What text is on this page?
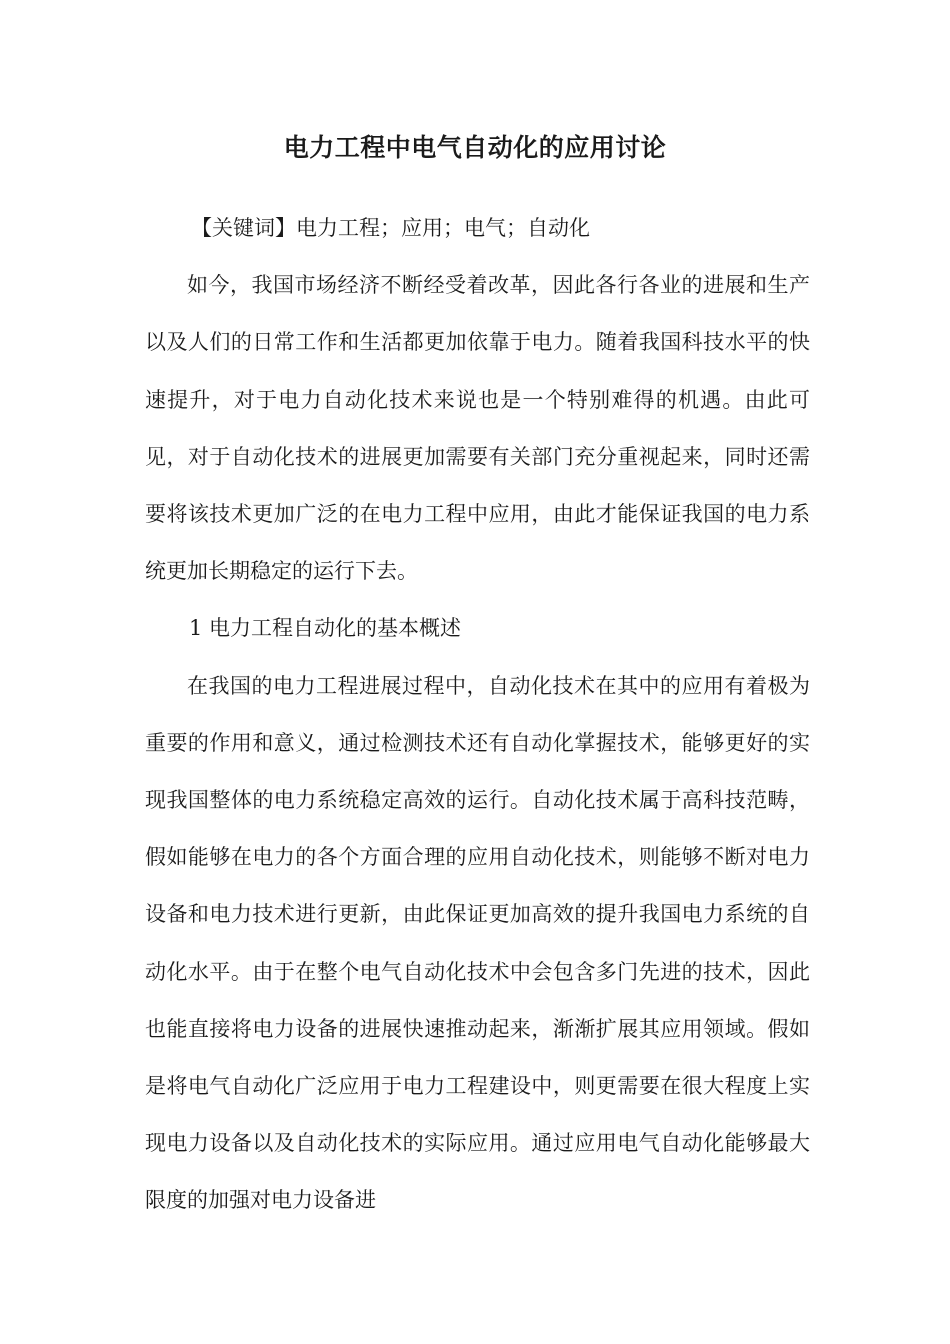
电力工程中电气自动化的应用讨论

【关键词】电力工程；应用；电气；自动化

如今，我国市场经济不断经受着改革，因此各行各业的进展和生产以及人们的日常工作和生活都更加依靠于电力。随着我国科技水平的快速提升，对于电力自动化技术来说也是一个特别难得的机遇。由此可见，对于自动化技术的进展更加需要有关部门充分重视起来，同时还需要将该技术更加广泛的在电力工程中应用，由此才能保证我国的电力系统更加长期稳定的运行下去。

1 电力工程自动化的基本概述

在我国的电力工程进展过程中，自动化技术在其中的应用有着极为重要的作用和意义，通过检测技术还有自动化掌握技术，能够更好的实现我国整体的电力系统稳定高效的运行。自动化技术属于高科技范畴，假如能够在电力的各个方面合理的应用自动化技术，则能够不断对电力设备和电力技术进行更新，由此保证更加高效的提升我国电力系统的自动化水平。由于在整个电气自动化技术中会包含多门先进的技术，因此也能直接将电力设备的进展快速推动起来，渐渐扩展其应用领域。假如是将电气自动化广泛应用于电力工程建设中，则更需要在很大程度上实现电力设备以及自动化技术的实际应用。通过应用电气自动化能够最大限度的加强对电力设备进
